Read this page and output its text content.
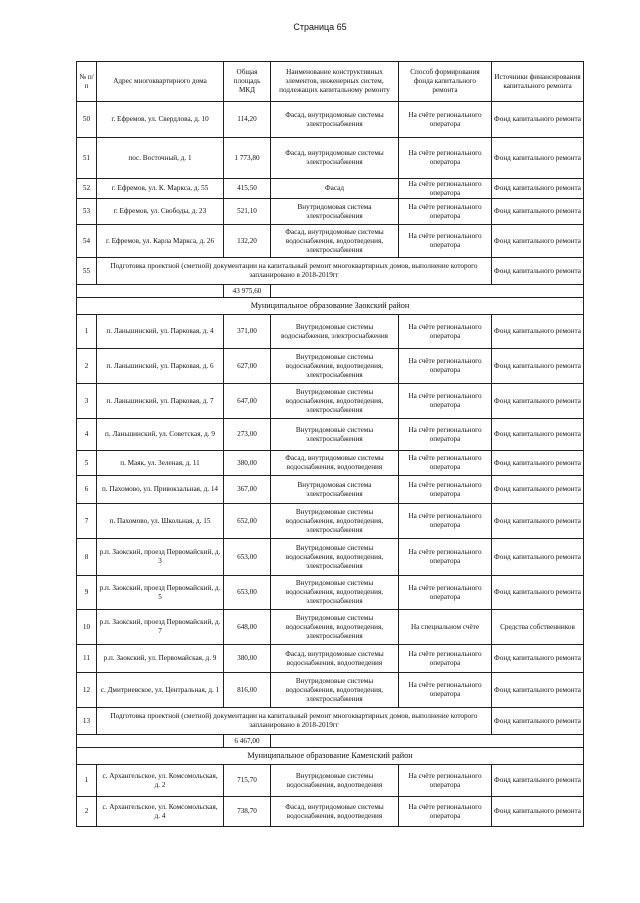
Страница 65
№ п/п	Адрес многоквартирного дома	Общая площадь МКД	Наименование конструктивных элементов, инженерных систем, подлежащих капитальному ремонту	Способ формирования фонда капитального ремонта	Источники финансирования капитального ремонта
50	г. Ефремов, ул. Свердлова, д. 10	114,20	Фасад, внутридомовые системы электроснабжения	На счёте регионального оператора	Фонд капитального ремонта
51	пос. Восточный, д. 1	1 773,80	Фасад, внутридомовые системы электроснабжения	На счёте регионального оператора	Фонд капитального ремонта
52	г. Ефремов, ул. К. Маркса, д. 55	415,50	Фасад	На счёте регионального оператора	Фонд капитального ремонта
53	г. Ефремов, ул. Свободы, д. 23	521,10	Внутридомовая система электроснабжения	На счёте регионального оператора	Фонд капитального ремонта
54	г. Ефремов, ул. Карла Маркса, д. 26	132,20	Фасад, внутридомовые системы водоснабжения, водоотведения, электроснабжения	На счёте регионального оператора	Фонд капитального ремонта
55	Подготовка проектной (сметной) документации на капитальный ремонт многоквартирных домов, выполнение которого запланировано в 2018-2019гг				Фонд капитального ремонта
		43 975,60			
Муниципальное образование Заокский район					
1	п. Ланьшинский, ул. Парковая, д. 4	371,00	Внутридомовые системы водоснабжения, электроснабжения	На счёте регионального оператора	Фонд капитального ремонта
2	п. Ланьшинский, ул. Парковая, д. 6	627,00	Внутридомовые системы водоснабжения, водоотведения, электроснабжения	На счёте регионального оператора	Фонд капитального ремонта
3	п. Ланьшинский, ул. Парковая, д. 7	647,00	Внутридомовые системы водоснабжения, водоотведения, электроснабжения	На счёте регионального оператора	Фонд капитального ремонта
4	п. Ланьшинский, ул. Советская, д. 9	273,00	Внутридомовые системы электроснабжения	На счёте регионального оператора	Фонд капитального ремонта
5	п. Маяк, ул. Зеленая, д. 11	380,00	Фасад, внутридомовые системы водоснабжения, водоотведения	На счёте регионального оператора	Фонд капитального ремонта
6	п. Пахомово, ул. Привокзальная, д. 14	367,00	Внутридомовая система электроснабжения	На счёте регионального оператора	Фонд капитального ремонта
7	п. Пахомово, ул. Школьная, д. 15	652,00	Внутридомовые системы водоснабжения, водоотведения, электроснабжения	На счёте регионального оператора	Фонд капитального ремонта
8	р.п. Заокский, проезд Первомайский, д. 3	653,00	Внутридомовые системы водоснабжения, водоотведения, электроснабжения	На счёте регионального оператора	Фонд капитального ремонта
9	р.п. Заокский, проезд Первомайский, д. 5	653,00	Внутридомовые системы водоснабжения, водоотведения, электроснабжения	На счёте регионального оператора	Фонд капитального ремонта
10	р.п. Заокский, проезд Первомайский, д. 7	648,00	Внутридомовые системы водоснабжения, водоотведения, электроснабжения	На специальном счёте	Средства собственников
11	р.п. Заокский, ул. Первомайская, д. 9	380,00	Фасад, внутридомовые системы водоснабжения, водоотведения	На счёте регионального оператора	Фонд капитального ремонта
12	с. Дмитриевское, ул. Центральная, д. 1	816,00	Внутридомовые системы водоснабжения, водоотведения, электроснабжения	На счёте регионального оператора	Фонд капитального ремонта
13	Подготовка проектной (сметной) документации на капитальный ремонт многоквартирных домов, выполнение которого запланировано в 2018-2019гг				Фонд капитального ремонта
		6 467,00			
Муниципальное образование Каменский район					
1	с. Архангельское, ул. Комсомольская, д. 2	715,70	Внутридомовые системы водоснабжения, водоотведения	На счёте регионального оператора	Фонд капитального ремонта
2	с. Архангельское, ул. Комсомольская, д. 4	738,70	Фасад, внутридомовые системы водоснабжения, водоотведения	На счёте регионального оператора	Фонд капитального ремонта
